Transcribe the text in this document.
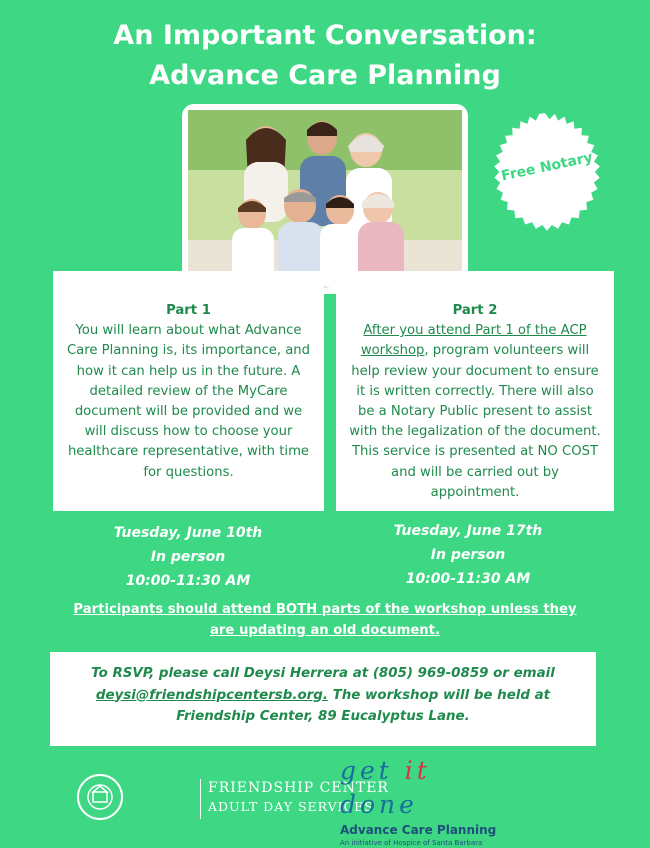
An Important Conversation:
Advance Care Planning
Free Notary
Part 1
You will learn about what Advance Care Planning is, its importance, and how it can help us in the future. A detailed review of the MyCare document will be provided and we will discuss how to choose your healthcare representative, with time for questions.
Part 2
After you attend Part 1 of the ACP workshop, program volunteers will help review your document to ensure it is written correctly. There will also be a Notary Public present to assist with the legalization of the document. This service is presented at NO COST and will be carried out by appointment.
Tuesday, June 10th
In person
10:00-11:30 AM
Tuesday, June 17th
In person
10:00-11:30 AM

Participants should attend BOTH parts of the workshop unless they are updating an old document.

To RSVP, please call Deysi Herrera at (805) 969-0859 or email deysi@friendshipcentersb.org. The workshop will be held at Friendship Center, 89 Eucalyptus Lane.
FRIENDSHIP CENTER
ADULT DAY SERVICES
get it done
Advance Care Planning
An initiative of Hospice of Santa Barbara
